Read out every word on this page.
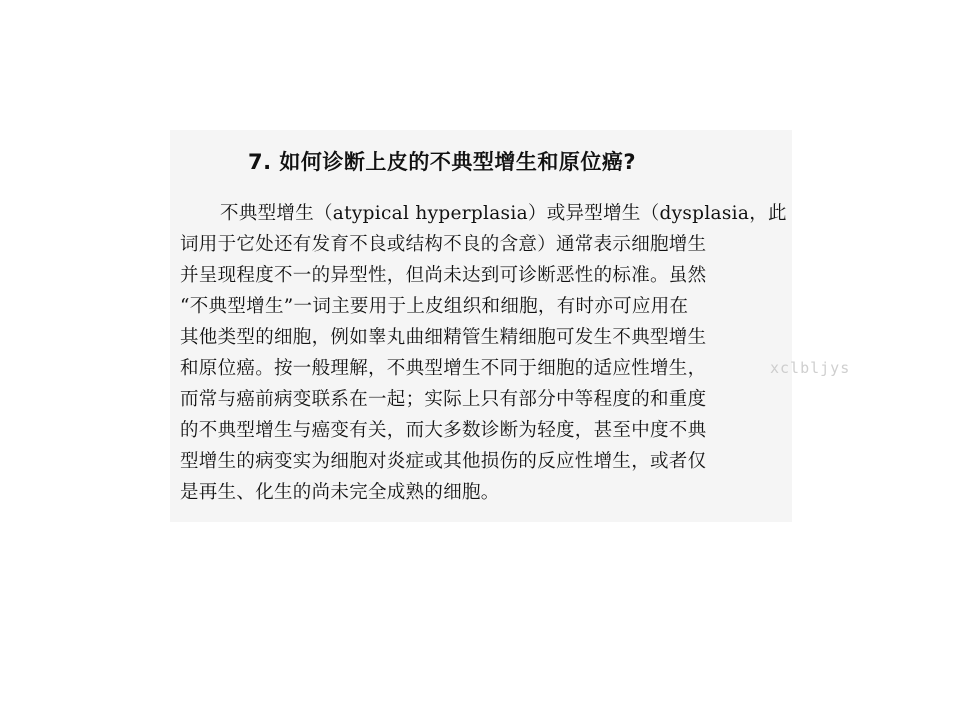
7. 如何诊断上皮的不典型增生和原位癌?
不典型增生（atypical hyperplasia）或异型增生（dysplasia，此
词用于它处还有发育不良或结构不良的含意）通常表示细胞增生
并呈现程度不一的异型性，但尚未达到可诊断恶性的标准。虽然
“不典型增生”一词主要用于上皮组织和细胞，有时亦可应用在
其他类型的细胞，例如睾丸曲细精管生精细胞可发生不典型增生
和原位癌。按一般理解，不典型增生不同于细胞的适应性增生，
而常与癌前病变联系在一起；实际上只有部分中等程度的和重度
的不典型增生与癌变有关，而大多数诊断为轻度，甚至中度不典
型增生的病变实为细胞对炎症或其他损伤的反应性增生，或者仅
是再生、化生的尚未完全成熟的细胞。
xclbljys
